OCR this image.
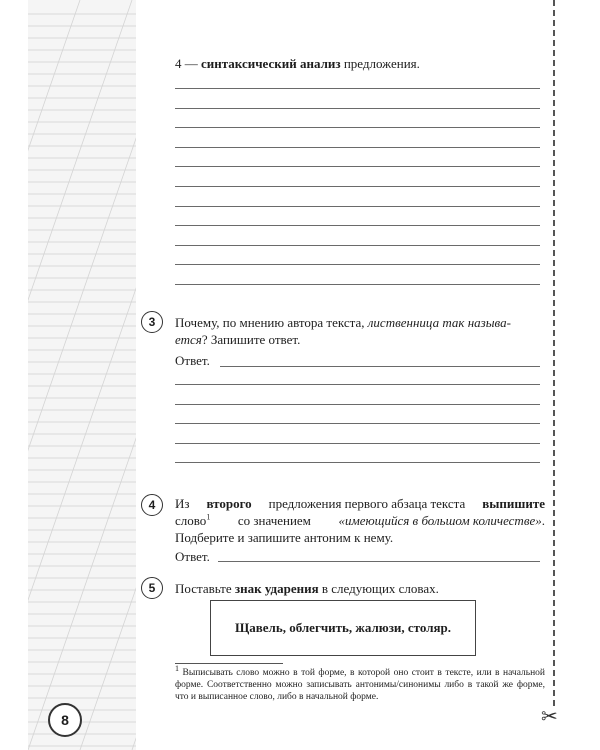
4 — синтаксический анализ предложения.
3	Почему, по мнению автора текста, лиственница так называ-
ется? Запишите ответ.
Ответ.
4	Из второго предложения первого абзаца текста выпишите
слово$^1$ со значением «имеющийся в большом количестве».
Подберите и запишите антоним к нему.
Ответ.
5	Поставьте знак ударения в следующих словах.
Щавель, облегчить, жалюзи, столяр.
$^1$ Выписывать слово можно в той форме, в которой оно стоит в тексте, или в начальной форме. Соответственно можно записывать антонимы/синонимы либо в такой же форме, что и выписанное слово, либо в начальной форме.
8	✂
